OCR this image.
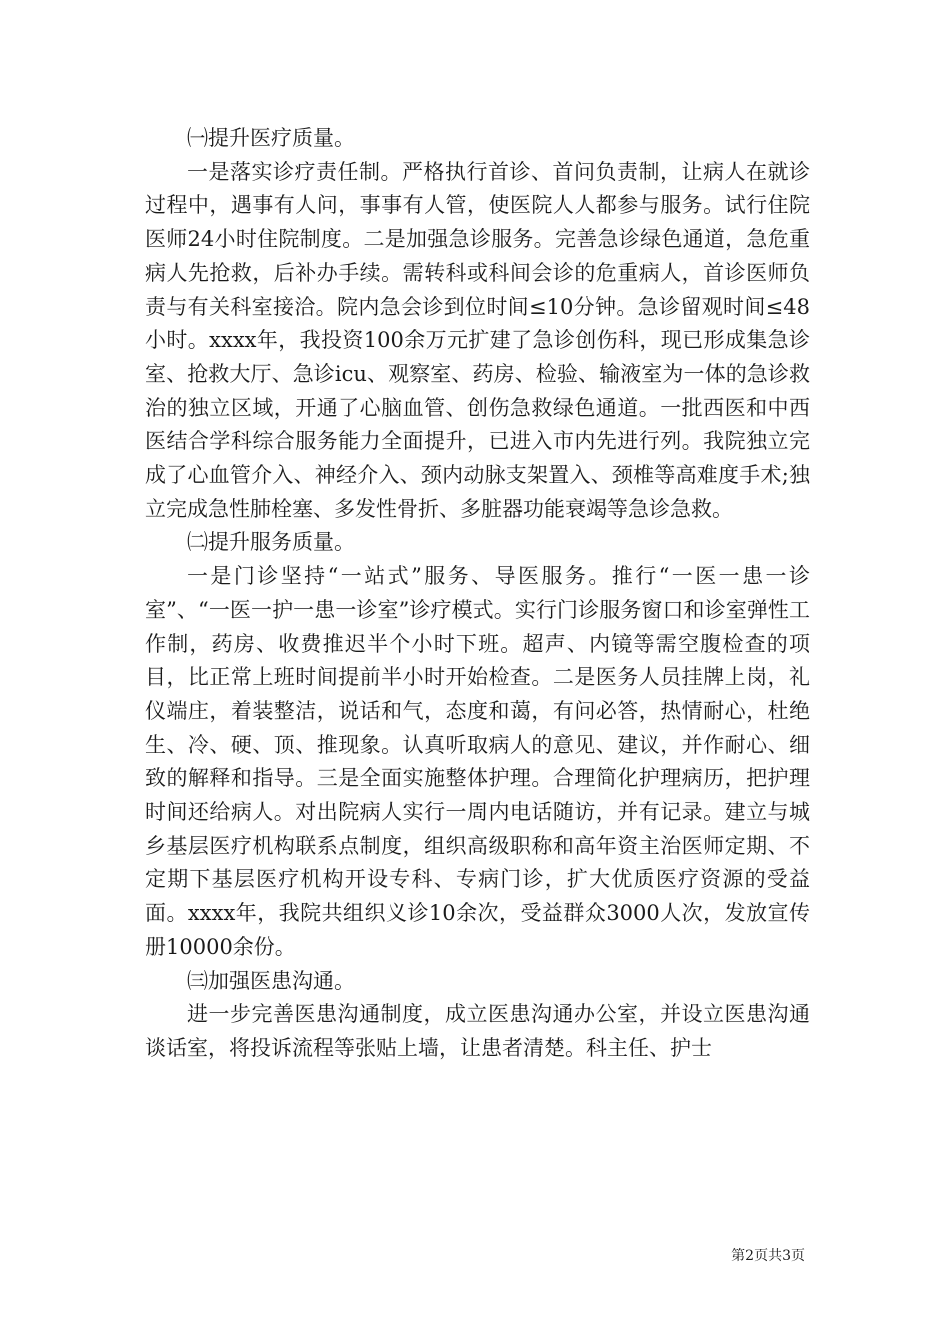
㈠提升医疗质量。

一是落实诊疗责任制。严格执行首诊、首问负责制，让病人在就诊过程中，遇事有人问，事事有人管，使医院人人都参与服务。试行住院医师24小时住院制度。二是加强急诊服务。完善急诊绿色通道，急危重病人先抢救，后补办手续。需转科或科间会诊的危重病人，首诊医师负责与有关科室接洽。院内急会诊到位时间≤10分钟。急诊留观时间≤48小时。xxxx年，我投资100余万元扩建了急诊创伤科，现已形成集急诊室、抢救大厅、急诊icu、观察室、药房、检验、输液室为一体的急诊救治的独立区域，开通了心脑血管、创伤急救绿色通道。一批西医和中西医结合学科综合服务能力全面提升，已进入市内先进行列。我院独立完成了心血管介入、神经介入、颈内动脉支架置入、颈椎等高难度手术;独立完成急性肺栓塞、多发性骨折、多脏器功能衰竭等急诊急救。

㈡提升服务质量。

一是门诊坚持“一站式”服务、导医服务。推行“一医一患一诊室”、“一医一护一患一诊室”诊疗模式。实行门诊服务窗口和诊室弹性工作制，药房、收费推迟半个小时下班。超声、内镜等需空腹检查的项目，比正常上班时间提前半小时开始检查。二是医务人员挂牌上岗，礼仪端庄，着装整洁，说话和气，态度和蔼，有问必答，热情耐心，杜绝生、冷、硬、顶、推现象。认真听取病人的意见、建议，并作耐心、细致的解释和指导。三是全面实施整体护理。合理简化护理病历，把护理时间还给病人。对出院病人实行一周内电话随访，并有记录。建立与城乡基层医疗机构联系点制度，组织高级职称和高年资主治医师定期、不定期下基层医疗机构开设专科、专病门诊，扩大优质医疗资源的受益面。xxxx年，我院共组织义诊10余次，受益群众3000人次，发放宣传册10000余份。

㈢加强医患沟通。

进一步完善医患沟通制度，成立医患沟通办公室，并设立医患沟通谈话室，将投诉流程等张贴上墙，让患者清楚。科主任、护士

第2页共3页
